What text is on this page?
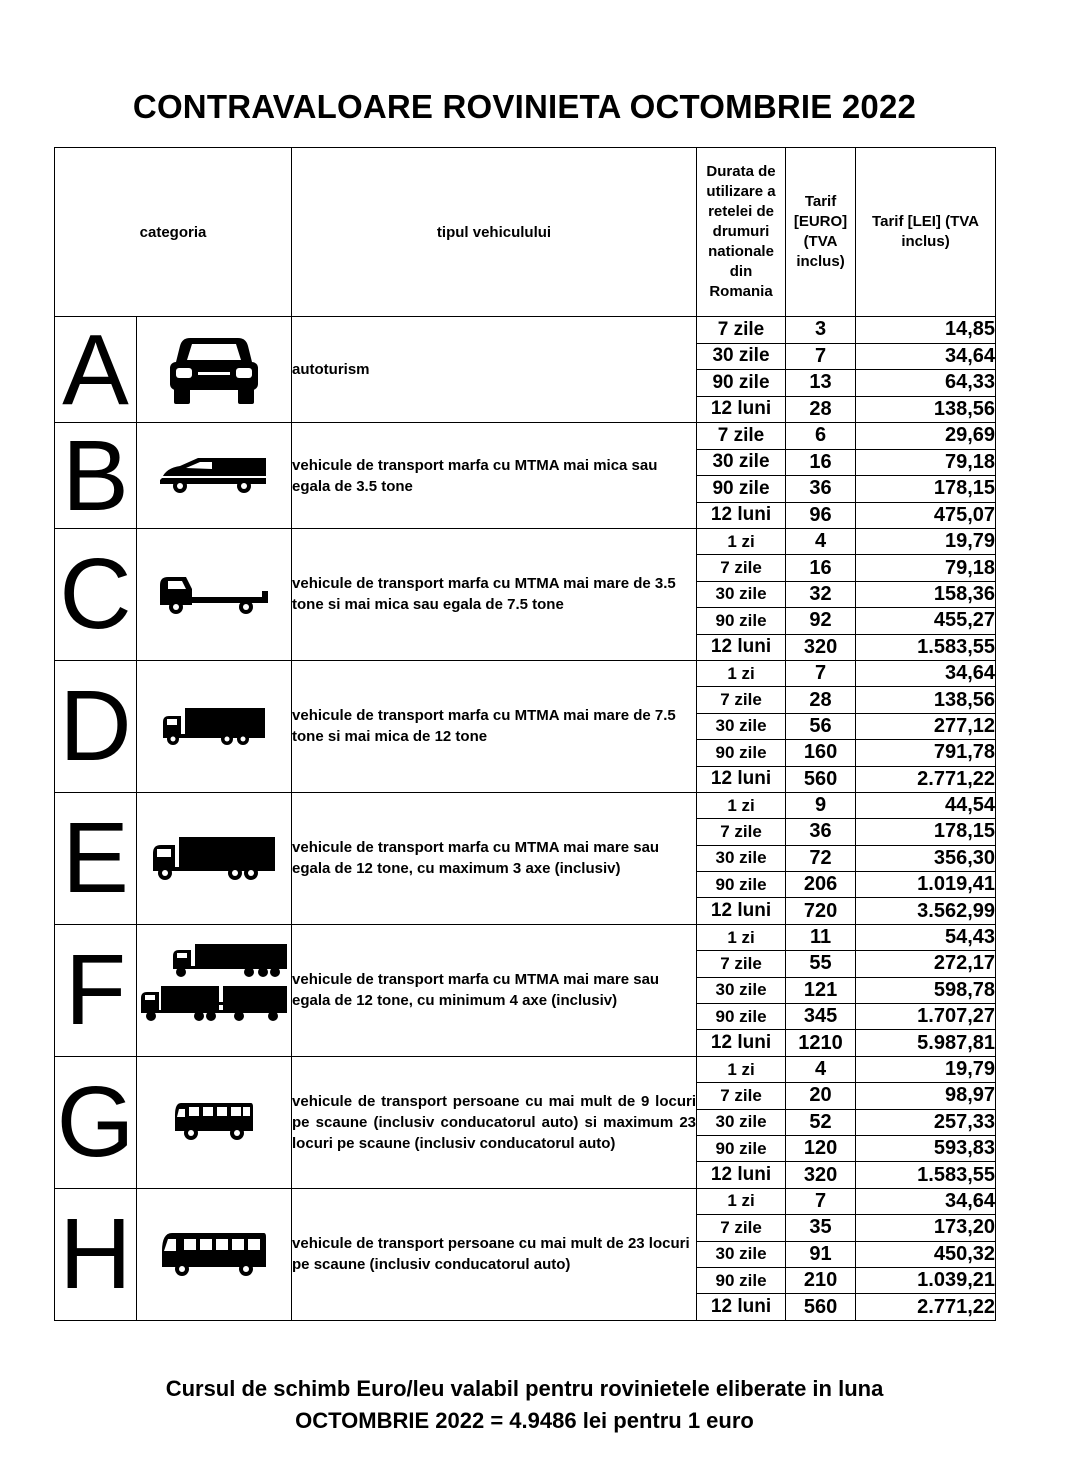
CONTRAVALOARE ROVINIETA OCTOMBRIE 2022
categoria		tipul vehiculului	Durata de utilizare a retelei de drumuri nationale din Romania	Tarif [EURO] (TVA inclus)	Tarif [LEI] (TVA inclus)
A		autoturism	7 zile	3	14,85
			30 zile	7	34,64
			90 zile	13	64,33
			12 luni	28	138,56
B		vehicule de transport marfa cu MTMA mai mica sau egala de 3.5 tone	7 zile	6	29,69
			30 zile	16	79,18
			90 zile	36	178,15
			12 luni	96	475,07
C		vehicule de transport marfa cu MTMA mai mare de 3.5 tone si mai mica sau egala de 7.5 tone	1 zi	4	19,79
			7 zile	16	79,18
			30 zile	32	158,36
			90 zile	92	455,27
			12 luni	320	1.583,55
D		vehicule de transport marfa cu MTMA mai mare de 7.5 tone si mai mica de 12 tone	1 zi	7	34,64
			7 zile	28	138,56
			30 zile	56	277,12
			90 zile	160	791,78
			12 luni	560	2.771,22
E		vehicule de transport marfa cu MTMA mai mare sau egala de 12 tone, cu maximum 3 axe (inclusiv)	1 zi	9	44,54
			7 zile	36	178,15
			30 zile	72	356,30
			90 zile	206	1.019,41
			12 luni	720	3.562,99
F		vehicule de transport marfa cu MTMA mai mare sau egala de 12 tone, cu minimum 4 axe (inclusiv)	1 zi	11	54,43
			7 zile	55	272,17
			30 zile	121	598,78
			90 zile	345	1.707,27
			12 luni	1210	5.987,81
G		vehicule de transport persoane cu mai mult de 9 locuri pe scaune (inclusiv conducatorul auto) si maximum 23 locuri pe scaune (inclusiv conducatorul auto)	1 zi	4	19,79
			7 zile	20	98,97
			30 zile	52	257,33
			90 zile	120	593,83
			12 luni	320	1.583,55
H		vehicule de transport persoane cu mai mult de 23 locuri pe scaune (inclusiv conducatorul auto)	1 zi	7	34,64
			7 zile	35	173,20
			30 zile	91	450,32
			90 zile	210	1.039,21
			12 luni	560	2.771,22
Cursul de schimb Euro/leu valabil pentru rovinietele eliberate in luna
OCTOMBRIE 2022 = 4.9486 lei pentru 1 euro
